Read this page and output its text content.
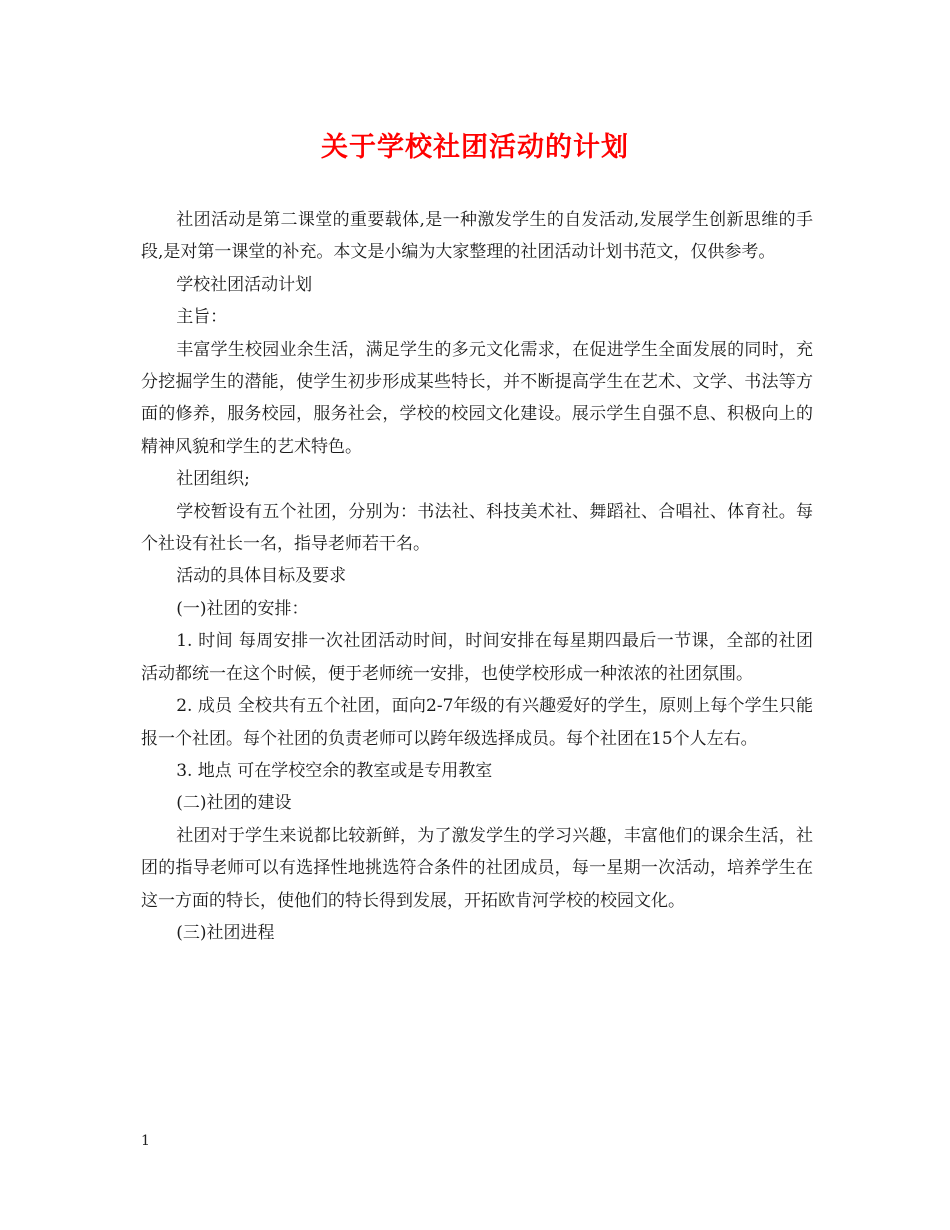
关于学校社团活动的计划

社团活动是第二课堂的重要载体,是一种激发学生的自发活动,发展学生创新思维的手段,是对第一课堂的补充。本文是小编为大家整理的社团活动计划书范文，仅供参考。

学校社团活动计划

主旨：

丰富学生校园业余生活，满足学生的多元文化需求，在促进学生全面发展的同时，充分挖掘学生的潜能，使学生初步形成某些特长，并不断提高学生在艺术、文学、书法等方面的修养，服务校园，服务社会，学校的校园文化建设。展示学生自强不息、积极向上的精神风貌和学生的艺术特色。

社团组织;

学校暂设有五个社团，分别为：书法社、科技美术社、舞蹈社、合唱社、体育社。每个社设有社长一名，指导老师若干名。

活动的具体目标及要求

(一)社团的安排：

1. 时间 每周安排一次社团活动时间，时间安排在每星期四最后一节课，全部的社团活动都统一在这个时候，便于老师统一安排，也使学校形成一种浓浓的社团氛围。

2. 成员 全校共有五个社团，面向2-7年级的有兴趣爱好的学生，原则上每个学生只能报一个社团。每个社团的负责老师可以跨年级选择成员。每个社团在15个人左右。

3. 地点 可在学校空余的教室或是专用教室

(二)社团的建设

社团对于学生来说都比较新鲜，为了激发学生的学习兴趣，丰富他们的课余生活，社团的指导老师可以有选择性地挑选符合条件的社团成员，每一星期一次活动，培养学生在这一方面的特长，使他们的特长得到发展，开拓欧肯河学校的校园文化。

(三)社团进程

1
